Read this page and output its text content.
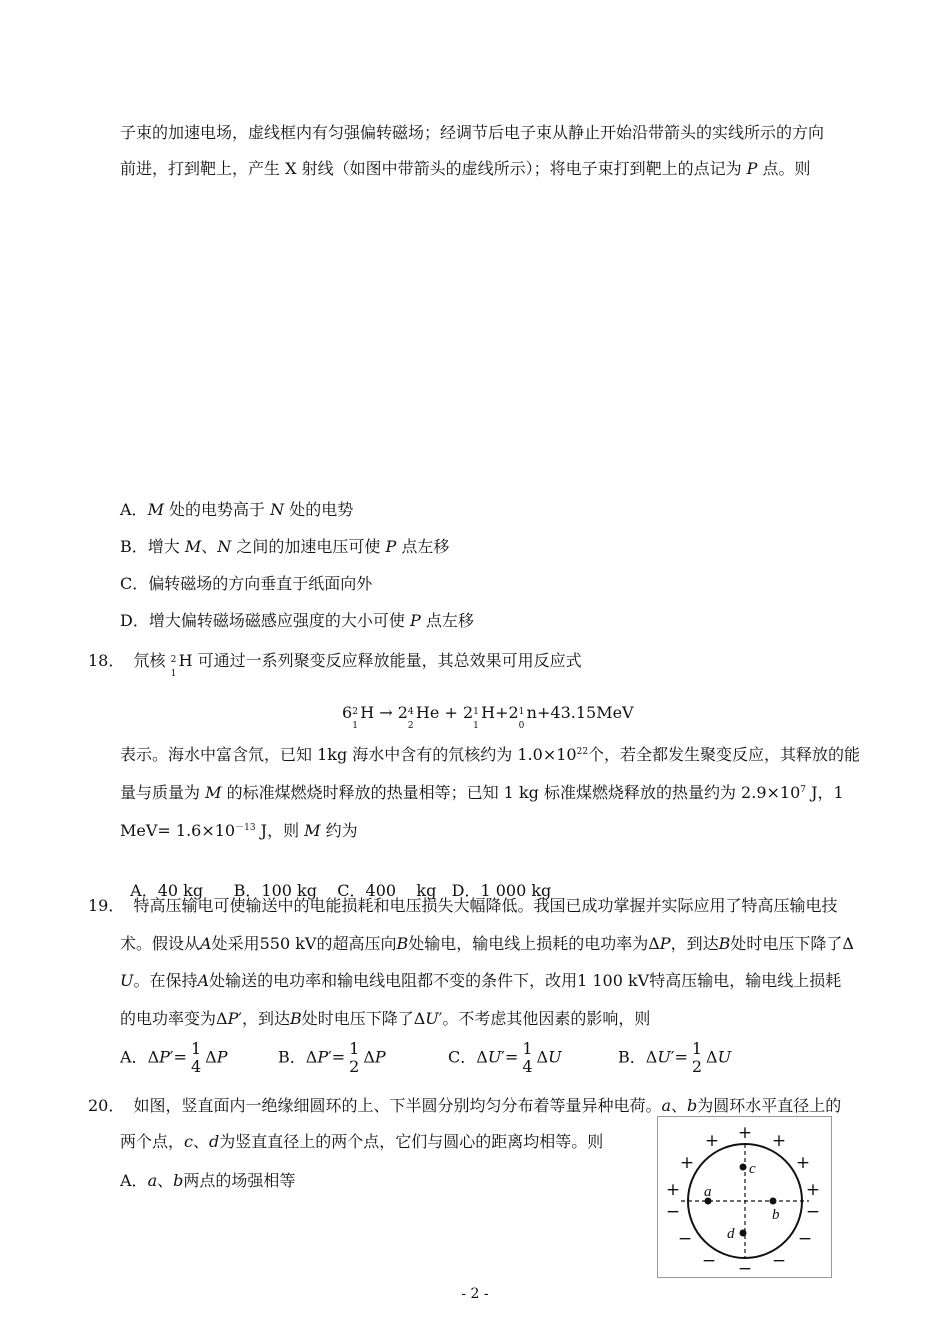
子束的加速电场，虚线框内有匀强偏转磁场；经调节后电子束从静止开始沿带箭头的实线所示的方向
前进，打到靶上，产生 X 射线（如图中带箭头的虚线所示）；将电子束打到靶上的点记为 P 点。则
A．M 处的电势高于 N 处的电势
B．增大 M、N 之间的加速电压可使 P 点左移
C．偏转磁场的方向垂直于纸面向外
D．增大偏转磁场磁感应强度的大小可使 P 点左移
18． 氘核 2
1
H 可通过一系列聚变反应释放能量，其总效果可用反应式
6 2
1
H → 2 4
2
He + 2 1
1
H+2 1
0
n+43.15MeV
表示。海水中富含氘，已知 1kg 海水中含有的氘核约为 $1.0\times 10^{22}$个，若全都发生聚变反应，其释放的能
量与质量为 M 的标准煤燃烧时释放的热量相等；已知 1 kg 标准煤燃烧释放的热量约为 $2.9\times 10^7$ J，1
$MeV= 1.6\times 10^{-13}$ J，则 M 约为

A．40 kg      B．100 kg    C．400    kg   D．1 000 kg

19． 特高压输电可使输送中的电能损耗和电压损失大幅降低。我国已成功掌握并实际应用了特高压输电技
术。假设从A处采用550 kV的超高压向B处输电，输电线上损耗的电功率为ΔP，到达B处时电压下降了Δ
U。在保持A处输送的电功率和输电线电阻都不变的条件下，改用1 100 kV特高压输电，输电线上损耗
的电功率变为ΔP′，到达B处时电压下降了ΔU′。不考虑其他因素的影响，则
A．ΔP′= 1
4 ΔP	B．ΔP′= 1
2 ΔP	C．ΔU′= 1
4 ΔU	B．ΔU′= 1
2 ΔU
20． 如图，竖直面内一绝缘细圆环的上、下半圆分别均匀分布着等量异种电荷。a、b为圆环水平直径上的
两个点，c、d为竖直直径上的两个点，它们与圆心的距离均相等。则
A．a、b两点的场强相等
a
b
c
d
+
+	+
+	+
+	+
−	−
−	−
−	−
−
- 2 -
